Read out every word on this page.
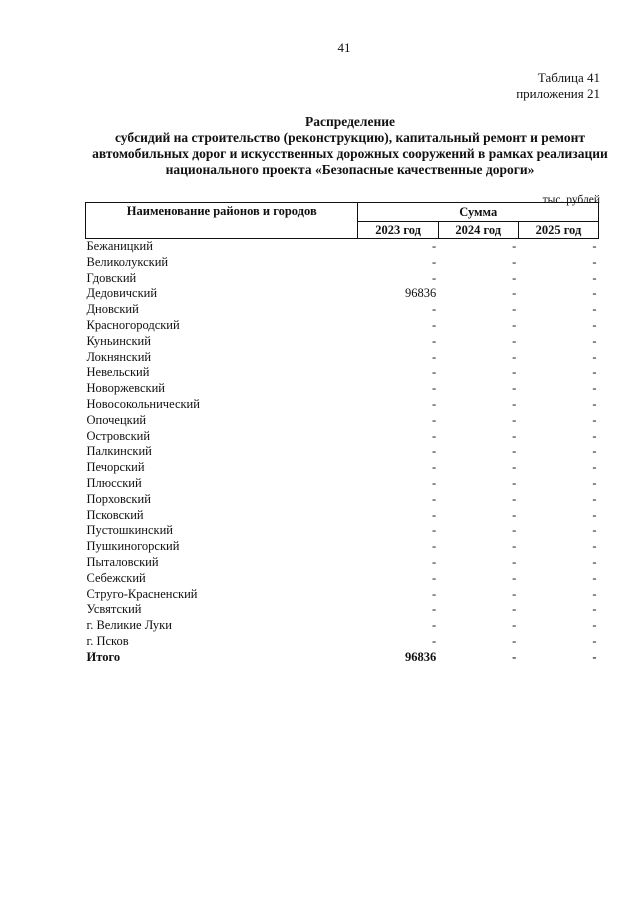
41
Таблица 41
приложения 21
Распределение
субсидий на строительство (реконструкцию), капитальный ремонт и ремонт
автомобильных дорог и искусственных дорожных сооружений в рамках реализации
национального проекта «Безопасные качественные дороги»
тыс. рублей
Наименование районов и городов	Сумма		
	2023 год	2024 год	2025 год
Бежаницкий	-	-	-
Великолукский	-	-	-
Гдовский	-	-	-
Дедовичский	96836	-	-
Дновский	-	-	-
Красногородский	-	-	-
Куньинский	-	-	-
Локнянский	-	-	-
Невельский	-	-	-
Новоржевский	-	-	-
Новосокольнический	-	-	-
Опочецкий	-	-	-
Островский	-	-	-
Палкинский	-	-	-
Печорский	-	-	-
Плюсский	-	-	-
Порховский	-	-	-
Псковский	-	-	-
Пустошкинский	-	-	-
Пушкиногорский	-	-	-
Пыталовский	-	-	-
Себежский	-	-	-
Струго-Красненский	-	-	-
Усвятский	-	-	-
г. Великие Луки	-	-	-
г. Псков	-	-	-
Итого	96836	-	-
